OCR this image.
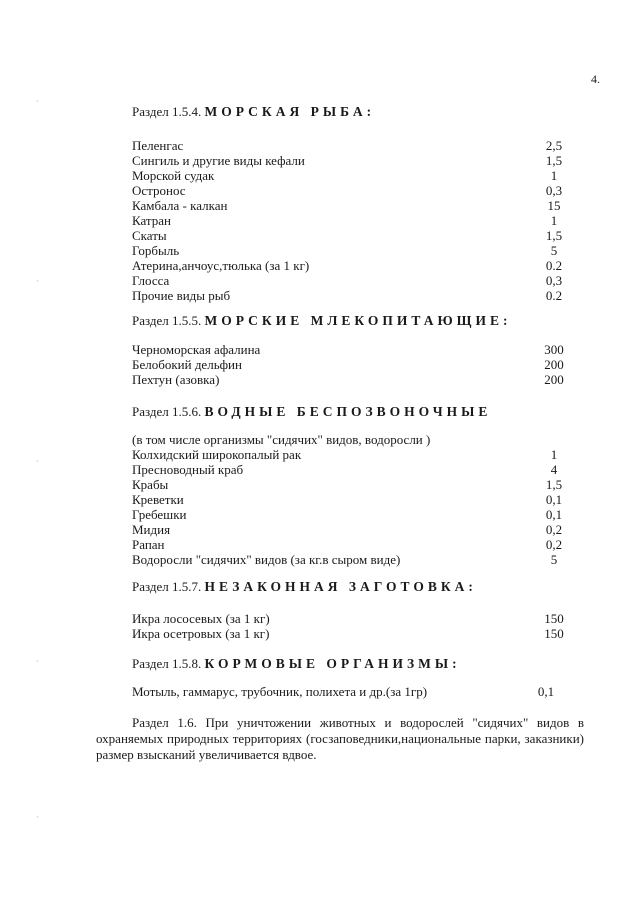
4.
⸳
⸳
⸳
⸳
⸳
Раздел 1.5.4. МОРСКАЯ РЫБА:
Пеленгас	2,5
Сингиль и другие виды кефали	1,5
Морской судак	1
Остронос	0,3
Камбала - калкан	15
Катран	1
Скаты	1,5
Горбыль	5
Атерина,анчоус,тюлька (за 1 кг)	0.2
Глосса	0,3
Прочие виды рыб	0.2
Раздел 1.5.5. МОРСКИЕ МЛЕКОПИТАЮЩИЕ:
Черноморская афалина	300
Белобокий дельфин	200
Пехтун (азовка)	200
Раздел 1.5.6. ВОДНЫЕ БЕСПОЗВОНОЧНЫЕ
(в том числе организмы "сидячих" видов, водоросли )
Колхидский широкопалый рак	1
Пресноводный краб	4
Крабы	1,5
Креветки	0,1
Гребешки	0,1
Мидия	0,2
Рапан	0,2
Водоросли "сидячих" видов (за кг.в сыром виде)	5
Раздел 1.5.7. НЕЗАКОННАЯ ЗАГОТОВКА:
Икра лососевых (за 1 кг)	150
Икра осетровых (за 1 кг)	150
Раздел 1.5.8. КОРМОВЫЕ ОРГАНИЗМЫ:
Мотыль, гаммарус, трубочник, полихета и др.(за 1гр)	0,1
Раздел 1.6. При уничтожении животных и водорослей "сидячих" видов в охраняемых природных территориях (госзаповедники,национальные парки, заказники) размер взысканий увеличивается вдвое.
